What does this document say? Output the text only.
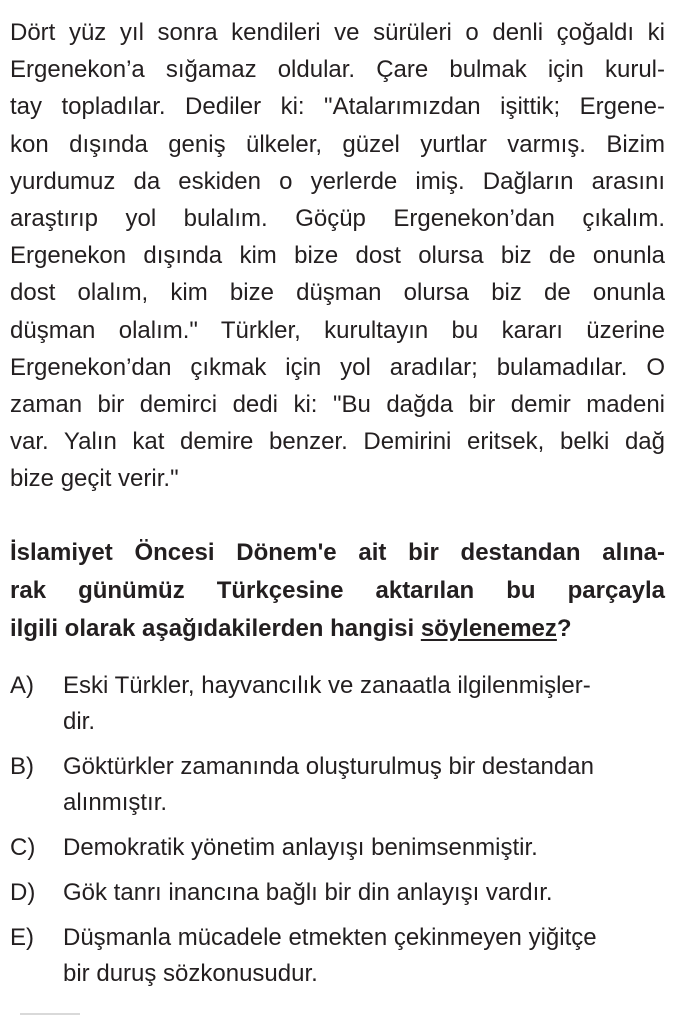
Dört yüz yıl sonra kendileri ve sürüleri o denli çoğaldı ki
Ergenekon’a sığamaz oldular. Çare bulmak için kurul-
tay topladılar. Dediler ki: "Atalarımızdan işittik; Ergene-
kon dışında geniş ülkeler, güzel yurtlar varmış. Bizim
yurdumuz da eskiden o yerlerde imiş. Dağların arasını
araştırıp yol bulalım. Göçüp Ergenekon’dan çıkalım.
Ergenekon dışında kim bize dost olursa biz de onunla
dost olalım, kim bize düşman olursa biz de onunla
düşman olalım." Türkler, kurultayın bu kararı üzerine
Ergenekon’dan çıkmak için yol aradılar; bulamadılar. O
zaman bir demirci dedi ki: "Bu dağda bir demir madeni
var. Yalın kat demire benzer. Demirini eritsek, belki dağ
bize geçit verir."
İslamiyet Öncesi Dönem'e ait bir destandan alına-
rak günümüz Türkçesine aktarılan bu parçayla
ilgili olarak aşağıdakilerden hangisi söylenemez?
A)	Eski Türkler, hayvancılık ve zanaatla ilgilenmişler-
dir.
B)	Göktürkler zamanında oluşturulmuş bir destandan
alınmıştır.
C)	Demokratik yönetim anlayışı benimsenmiştir.
D)	Gök tanrı inancına bağlı bir din anlayışı vardır.
E)	Düşmanla mücadele etmekten çekinmeyen yiğitçe
bir duruş sözkonusudur.
